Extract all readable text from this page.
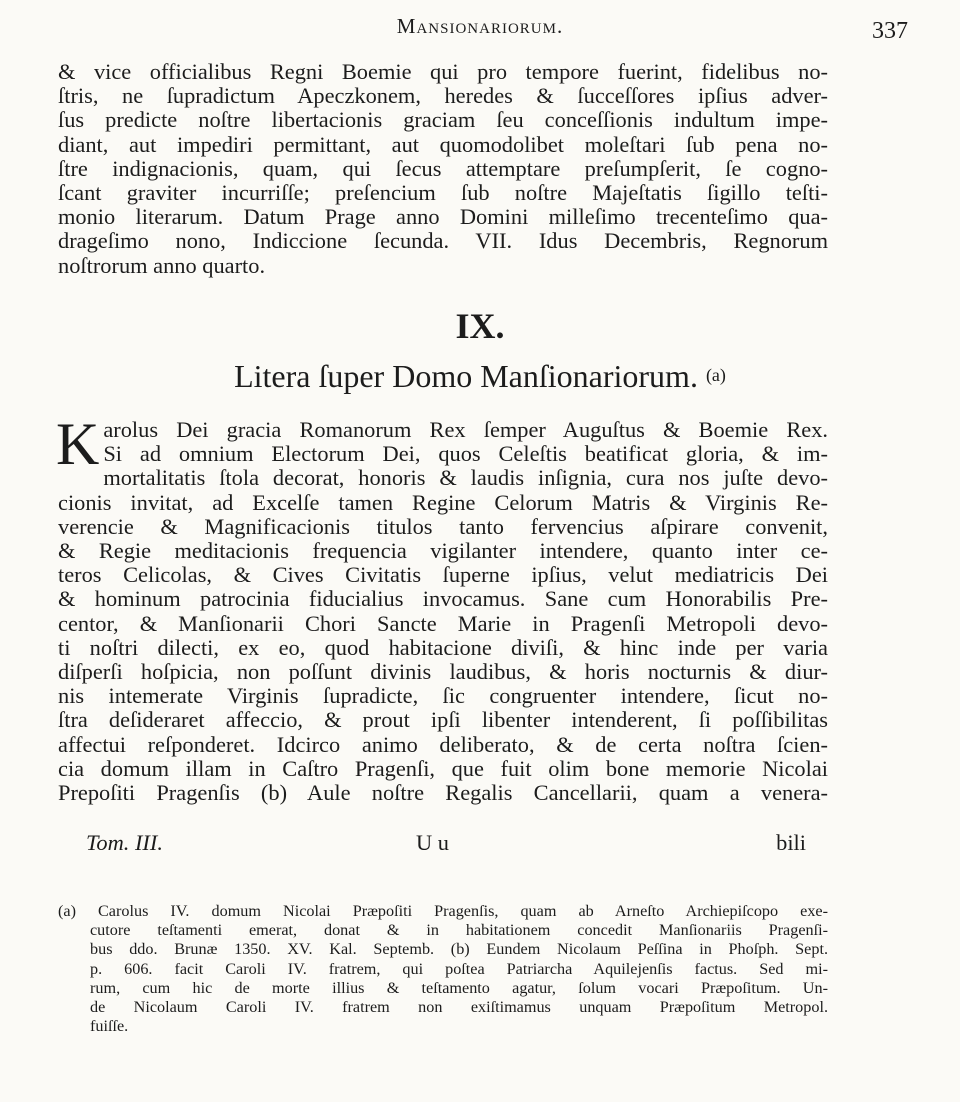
Mansionariorum.	337
& vice officialibus Regni Boemie qui pro tempore fuerint, fidelibus no-
ſtris, ne ſupradictum Apeczkonem, heredes & ſucceſſores ipſius adver-
ſus predicte noſtre libertacionis graciam ſeu conceſſionis indultum impe-
diant, aut impediri permittant, aut quomodolibet moleſtari ſub pena no-
ſtre indignacionis, quam, qui ſecus attemptare preſumpſerit, ſe cogno-
ſcant graviter incurriſſe; preſencium ſub noſtre Majeſtatis ſigillo teſti-
monio literarum. Datum Prage anno Domini milleſimo trecenteſimo qua-
drageſimo nono, Indiccione ſecunda. VII. Idus Decembris, Regnorum
noſtrorum anno quarto.
IX.
Litera ſuper Domo Manſionariorum. $^{(a)}$
K arolus Dei gracia Romanorum Rex ſemper Auguſtus & Boemie Rex.
Si ad omnium Electorum Dei, quos Celeſtis beatificat gloria, & im-
mortalitatis ſtola decorat, honoris & laudis inſignia, cura nos juſte devo-
cionis invitat, ad Excelſe tamen Regine Celorum Matris & Virginis Re-
verencie & Magnificacionis titulos tanto fervencius aſpirare convenit,
& Regie meditacionis frequencia vigilanter intendere, quanto inter ce-
teros Celicolas, & Cives Civitatis ſuperne ipſius, velut mediatricis Dei
& hominum patrocinia fiducialius invocamus. Sane cum Honorabilis Pre-
centor, & Manſionarii Chori Sancte Marie in Pragenſi Metropoli devo-
ti noſtri dilecti, ex eo, quod habitacione diviſi, & hinc inde per varia
diſperſi hoſpicia, non poſſunt divinis laudibus, & horis nocturnis & diur-
nis intemerate Virginis ſupradicte, ſic congruenter intendere, ſicut no-
ſtra deſideraret affeccio, & prout ipſi libenter intenderent, ſi poſſibilitas
affectui reſponderet. Idcirco animo deliberato, & de certa noſtra ſcien-
cia domum illam in Caſtro Pragenſi, que fuit olim bone memorie Nicolai
Prepoſiti Pragenſis (b) Aule noſtre Regalis Cancellarii, quam a venera-
Tom. III.	U u	bili
(a) Carolus IV. domum Nicolai Præpoſiti Pragenſis, quam ab Arneſto Archiepiſcopo exe-
cutore teſtamenti emerat, donat & in habitationem concedit Manſionariis Pragenſi-
bus ddo. Brunæ 1350. XV. Kal. Septemb. (b) Eundem Nicolaum Peſſina in Phoſph. Sept.
p. 606. facit Caroli IV. fratrem, qui poſtea Patriarcha Aquilejenſis factus. Sed mi-
rum, cum hic de morte illius & teſtamento agatur, ſolum vocari Præpoſitum. Un-
de Nicolaum Caroli IV. fratrem non exiſtimamus unquam Præpoſitum Metropol.
fuiſſe.
